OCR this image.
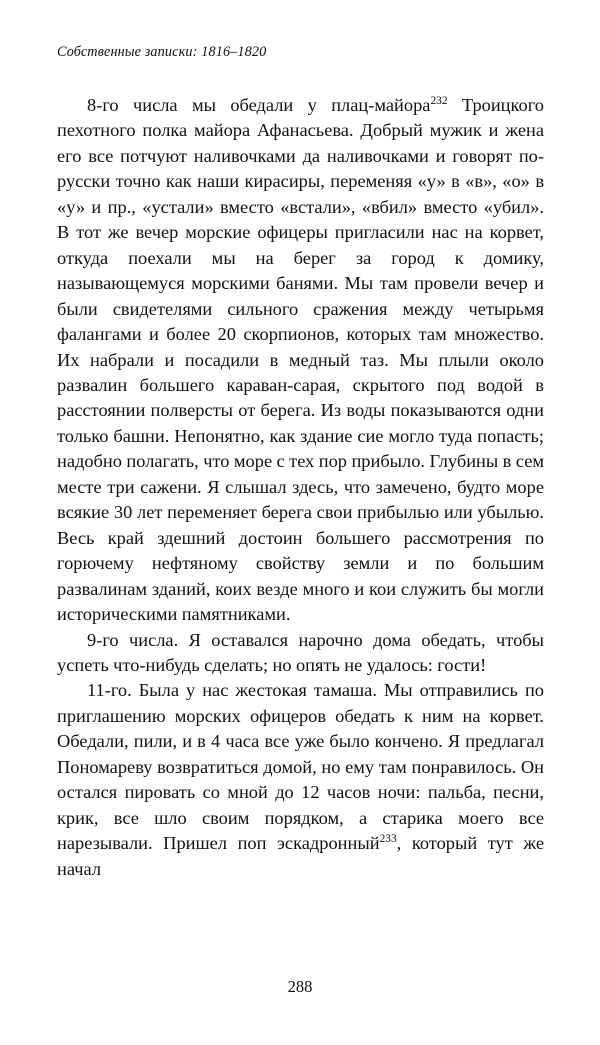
Собственные записки: 1816–1820

8-го числа мы обедали у плац-майора$^{232}$ Троицкого пехотного полка майора Афанасьева. Добрый мужик и жена его все потчуют наливочками да наливочками и говорят по-русски точно как наши кирасиры, переменяя «у» в «в», «о» в «у» и пр., «устали» вместо «встали», «вбил» вместо «убил». В тот же вечер морские офицеры пригласили нас на корвет, откуда поехали мы на берег за город к домику, называющемуся морскими банями. Мы там провели вечер и были свидетелями сильного сражения между четырьмя фалангами и более 20 скорпионов, которых там множество. Их набрали и посадили в медный таз. Мы плыли около развалин большего караван-сарая, скрытого под водой в расстоянии полверсты от берега. Из воды показываются одни только башни. Непонятно, как здание сие могло туда попасть; надобно полагать, что море с тех пор прибыло. Глубины в сем месте три сажени. Я слышал здесь, что замечено, будто море всякие 30 лет переменяет берега свои прибылью или убылью. Весь край здешний достоин большего рассмотрения по горючему нефтяному свойству земли и по большим развалинам зданий, коих везде много и кои служить бы могли историческими памятниками.

9-го числа. Я оставался нарочно дома обедать, чтобы успеть что-нибудь сделать; но опять не удалось: гости!

11-го. Была у нас жестокая тамаша. Мы отправились по приглашению морских офицеров обедать к ним на корвет. Обедали, пили, и в 4 часа все уже было кончено. Я предлагал Пономареву возвратиться домой, но ему там понравилось. Он остался пировать со мной до 12 часов ночи: пальба, песни, крик, все шло своим порядком, а старика моего все нарезывали. Пришел поп эскадронный$^{233}$, который тут же начал

288
